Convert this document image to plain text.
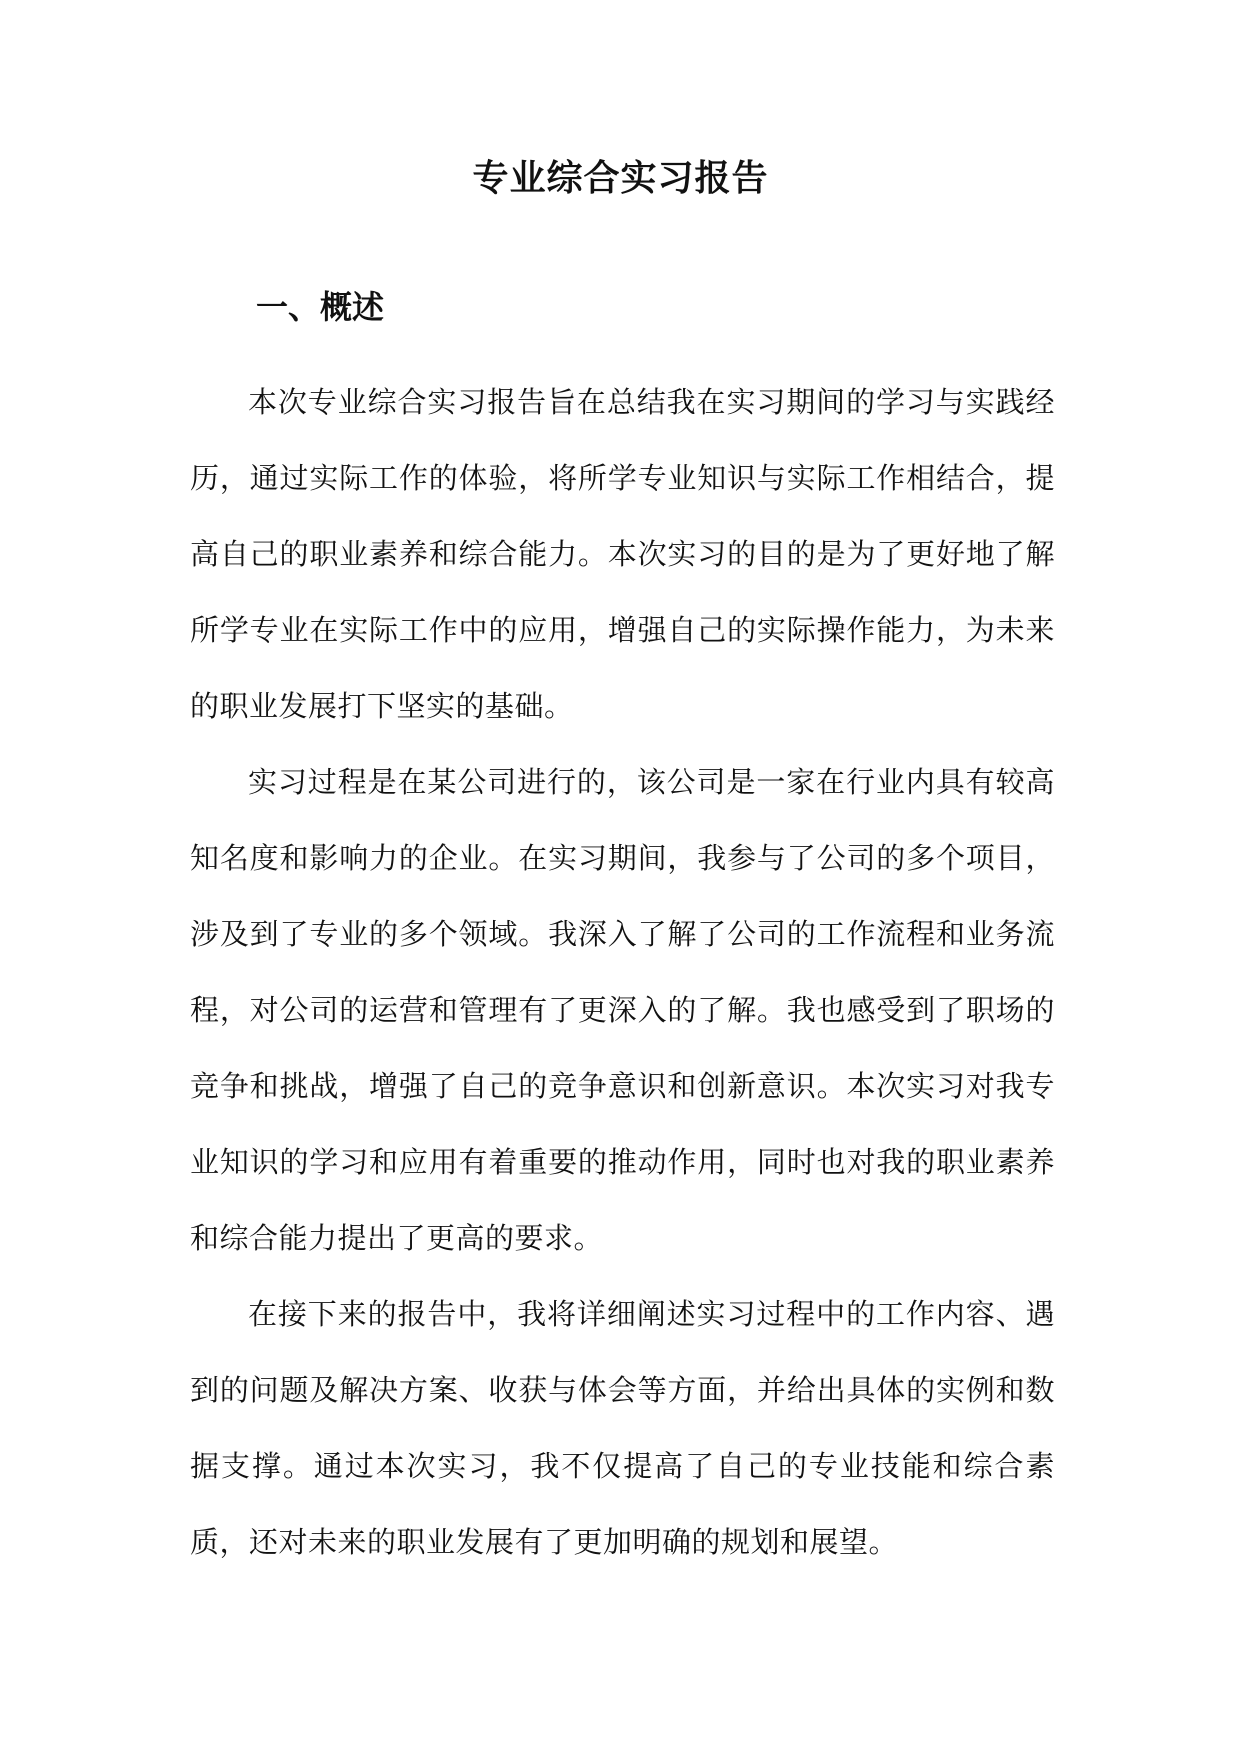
专业综合实习报告
一、概述

本次专业综合实习报告旨在总结我在实习期间的学习与实践经历，通过实际工作的体验，将所学专业知识与实际工作相结合，提高自己的职业素养和综合能力。本次实习的目的是为了更好地了解所学专业在实际工作中的应用，增强自己的实际操作能力，为未来的职业发展打下坚实的基础。

实习过程是在某公司进行的，该公司是一家在行业内具有较高知名度和影响力的企业。在实习期间，我参与了公司的多个项目，涉及到了专业的多个领域。我深入了解了公司的工作流程和业务流程，对公司的运营和管理有了更深入的了解。我也感受到了职场的竞争和挑战，增强了自己的竞争意识和创新意识。本次实习对我专业知识的学习和应用有着重要的推动作用，同时也对我的职业素养和综合能力提出了更高的要求。

在接下来的报告中，我将详细阐述实习过程中的工作内容、遇到的问题及解决方案、收获与体会等方面，并给出具体的实例和数据支撑。通过本次实习，我不仅提高了自己的专业技能和综合素质，还对未来的职业发展有了更加明确的规划和展望。
